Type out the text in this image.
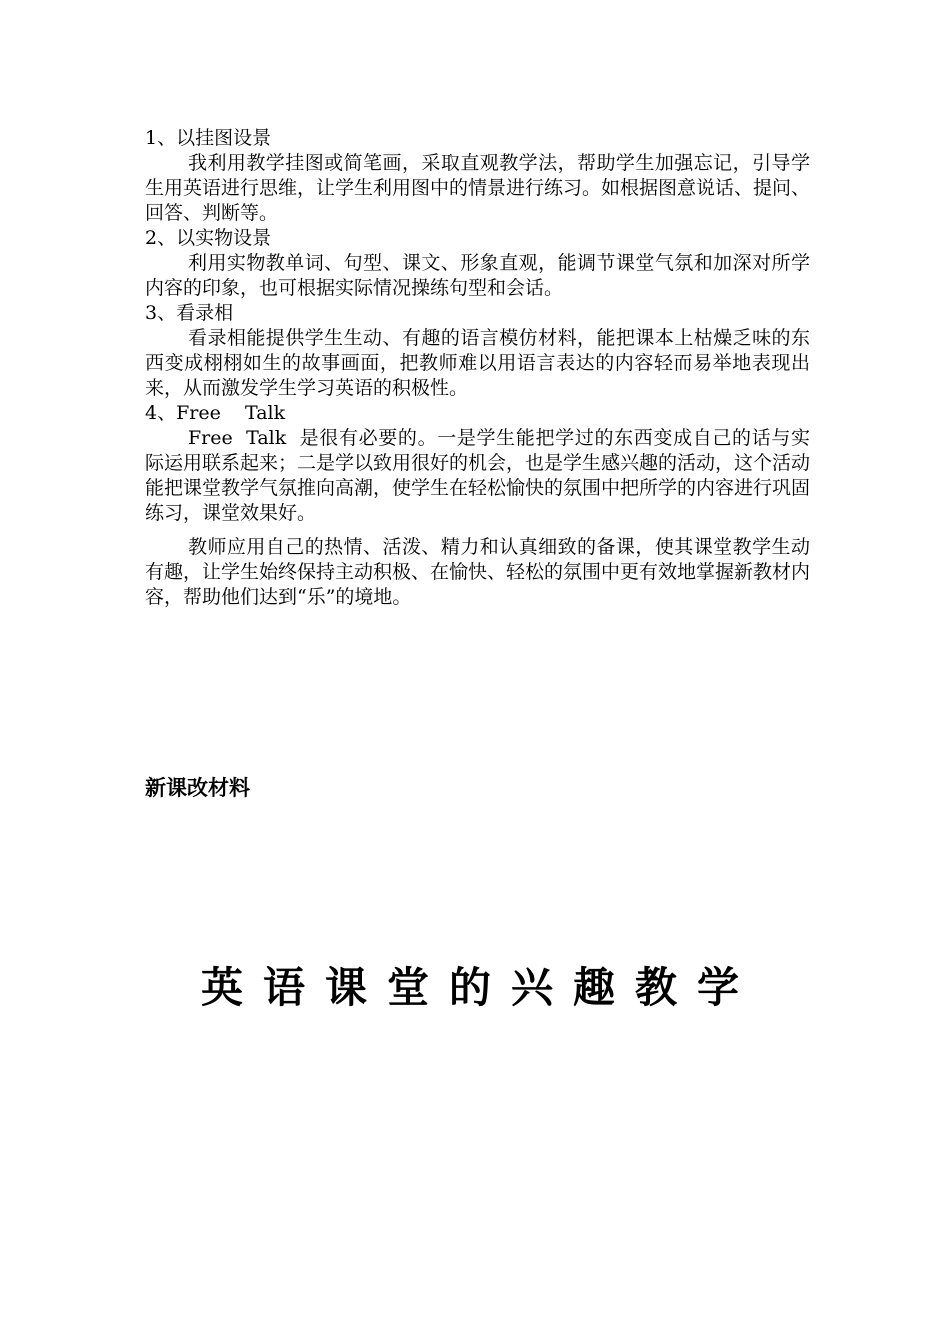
1、以挂图设景

我利用教学挂图或简笔画，采取直观教学法，帮助学生加强忘记，引导学生用英语进行思维，让学生利用图中的情景进行练习。如根据图意说话、提问、回答、判断等。

2、以实物设景

利用实物教单词、句型、课文、形象直观，能调节课堂气氛和加深对所学内容的印象，也可根据实际情况操练句型和会话。

3、看录相

看录相能提供学生生动、有趣的语言模仿材料，能把课本上枯燥乏味的东西变成栩栩如生的故事画面，把教师难以用语言表达的内容轻而易举地表现出来，从而激发学生学习英语的积极性。

4、Free    Talk

Free  Talk  是很有必要的。一是学生能把学过的东西变成自己的话与实际运用联系起来；二是学以致用很好的机会，也是学生感兴趣的活动，这个活动能把课堂教学气氛推向高潮，使学生在轻松愉快的氛围中把所学的内容进行巩固练习，课堂效果好。

教师应用自己的热情、活泼、精力和认真细致的备课，使其课堂教学生动有趣，让学生始终保持主动积极、在愉快、轻松的氛围中更有效地掌握新教材内容，帮助他们达到“乐”的境地。

新课改材料

英语课堂的兴趣教学
